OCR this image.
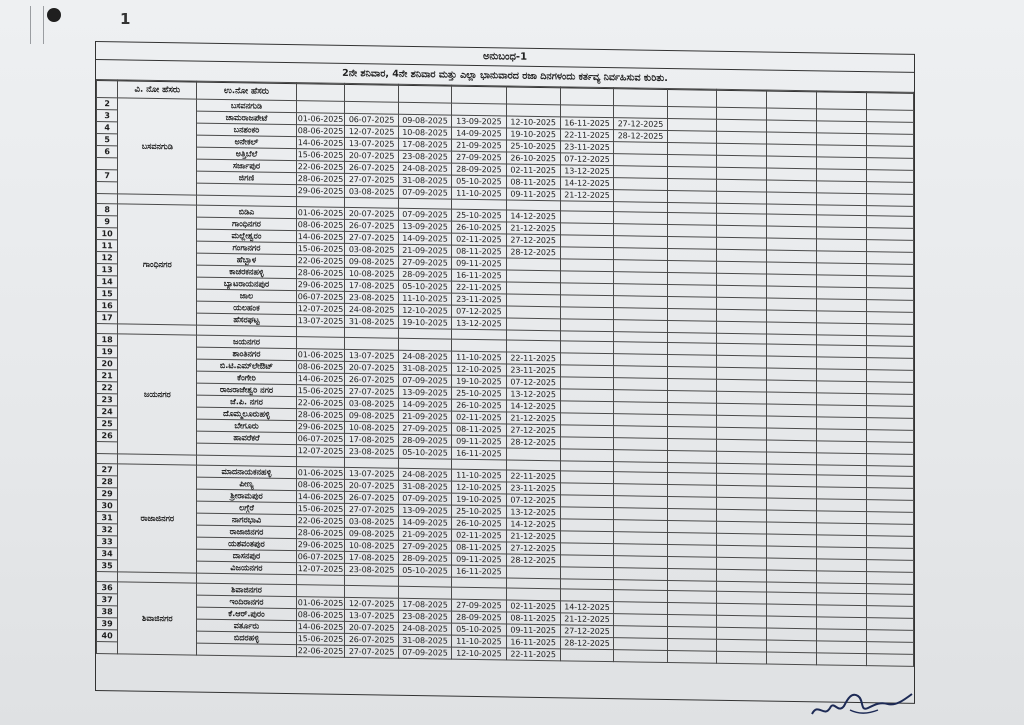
1
ಅನುಬಂಧ-1
2ನೇ ಶನಿವಾರ, 4ನೇ ಶನಿವಾರ ಮತ್ತು ಎಲ್ಲಾ ಭಾನುವಾರದ ರಜಾ ದಿನಗಳಂದು ಕರ್ತವ್ಯ ನಿರ್ವಹಿಸುವ ಕುರಿತು.
	ವಿ. ನೋ ಹೆಸರು	ಉ.ನೋ ಹೆಸರು												
2	ಬಸವನಗುಡಿ	ಬಸವನಗುಡಿ												
3		ಚಾಮರಾಜಪೇಟೆ	01-06-2025	06-07-2025	09-08-2025	13-09-2025	12-10-2025	16-11-2025	27-12-2025					
4		ಬನಶಂಕರಿ	08-06-2025	12-07-2025	10-08-2025	14-09-2025	19-10-2025	22-11-2025	28-12-2025					
5		ಅನೇಕಲ್	14-06-2025	13-07-2025	17-08-2025	21-09-2025	25-10-2025	23-11-2025						
6		ಅತ್ತಿಬೆಲೆ	15-06-2025	20-07-2025	23-08-2025	27-09-2025	26-10-2025	07-12-2025						
		ಸರ್ಜಾಪುರ	22-06-2025	26-07-2025	24-08-2025	28-09-2025	02-11-2025	13-12-2025						
7		ಜಿಗಣಿ	28-06-2025	27-07-2025	31-08-2025	05-10-2025	08-11-2025	14-12-2025						
			29-06-2025	03-08-2025	07-09-2025	11-10-2025	09-11-2025	21-12-2025						

8	ಗಾಂಧಿನಗರ	ಬಿಡಿಎ	01-06-2025	20-07-2025	07-09-2025	25-10-2025	14-12-2025							
9		ಗಾಂಧಿನಗರ	08-06-2025	26-07-2025	13-09-2025	26-10-2025	21-12-2025							
10		ಮಲ್ಲೇಶ್ವರಂ	14-06-2025	27-07-2025	14-09-2025	02-11-2025	27-12-2025							
11		ಗಂಗಾನಗರ	15-06-2025	03-08-2025	21-09-2025	08-11-2025	28-12-2025							
12		ಹೆಬ್ಬಾಳ	22-06-2025	09-08-2025	27-09-2025	09-11-2025								
13		ಕಾಚರಕನಹಳ್ಳಿ	28-06-2025	10-08-2025	28-09-2025	16-11-2025								
14		ಬ್ಯಾಟರಾಯನಪುರ	29-06-2025	17-08-2025	05-10-2025	22-11-2025								
15		ಜಾಲ	06-07-2025	23-08-2025	11-10-2025	23-11-2025								
16		ಯಲಹಂಕ	12-07-2025	24-08-2025	12-10-2025	07-12-2025								
17		ಹೆಸರಘಟ್ಟ	13-07-2025	31-08-2025	19-10-2025	13-12-2025								

18	ಜಯನಗರ	ಜಯನಗರ												
19		ಶಾಂತಿನಗರ	01-06-2025	13-07-2025	24-08-2025	11-10-2025	22-11-2025							
20		ಬಿ.ಟಿ.ಎಮ್‌ಲೇಔಟ್	08-06-2025	20-07-2025	31-08-2025	12-10-2025	23-11-2025							
21		ಕೆಂಗೇರಿ	14-06-2025	26-07-2025	07-09-2025	19-10-2025	07-12-2025							
22		ರಾಜರಾಜೇಶ್ವರಿ ನಗರ	15-06-2025	27-07-2025	13-09-2025	25-10-2025	13-12-2025							
23		ಜೆ.ಪಿ. ನಗರ	22-06-2025	03-08-2025	14-09-2025	26-10-2025	14-12-2025							
24		ದೊಮ್ಮಲೂರುಹಳ್ಳಿ	28-06-2025	09-08-2025	21-09-2025	02-11-2025	21-12-2025							
25		ಬೇಗೂರು	29-06-2025	10-08-2025	27-09-2025	08-11-2025	27-12-2025							
26		ಹಾವರೆಕರೆ	06-07-2025	17-08-2025	28-09-2025	09-11-2025	28-12-2025							
			12-07-2025	23-08-2025	05-10-2025	16-11-2025								

27	ರಾಜಾಜಿನಗರ	ಮಾದನಾಯಕನಹಳ್ಳಿ	01-06-2025	13-07-2025	24-08-2025	11-10-2025	22-11-2025							
28		ಪೀಣ್ಯ	08-06-2025	20-07-2025	31-08-2025	12-10-2025	23-11-2025							
29		ಶ್ರೀರಾಮಪುರ	14-06-2025	26-07-2025	07-09-2025	19-10-2025	07-12-2025							
30		ಲಗ್ಗೆರೆ	15-06-2025	27-07-2025	13-09-2025	25-10-2025	13-12-2025							
31		ನಾಗರಭಾವಿ	22-06-2025	03-08-2025	14-09-2025	26-10-2025	14-12-2025							
32		ರಾಜಾಜಿನಗರ	28-06-2025	09-08-2025	21-09-2025	02-11-2025	21-12-2025							
33		ಯಶವಂತಪುರ	29-06-2025	10-08-2025	27-09-2025	08-11-2025	27-12-2025							
34		ದಾಸನಪುರ	06-07-2025	17-08-2025	28-09-2025	09-11-2025	28-12-2025							
35		ವಿಜಯನಗರ	12-07-2025	23-08-2025	05-10-2025	16-11-2025								

36	ಶಿವಾಜಿನಗರ	ಶಿವಾಜಿನಗರ												
37		ಇಂದಿರಾನಗರ	01-06-2025	12-07-2025	17-08-2025	27-09-2025	02-11-2025	14-12-2025						
38		ಕೆ.ಆರ್.ಪುರಂ	08-06-2025	13-07-2025	23-08-2025	28-09-2025	08-11-2025	21-12-2025						
39		ವರ್ತೂರು	14-06-2025	20-07-2025	24-08-2025	05-10-2025	09-11-2025	27-12-2025						
40		ಬಿದರಹಳ್ಳಿ	15-06-2025	26-07-2025	31-08-2025	11-10-2025	16-11-2025	28-12-2025						
			22-06-2025	27-07-2025	07-09-2025	12-10-2025	22-11-2025							
